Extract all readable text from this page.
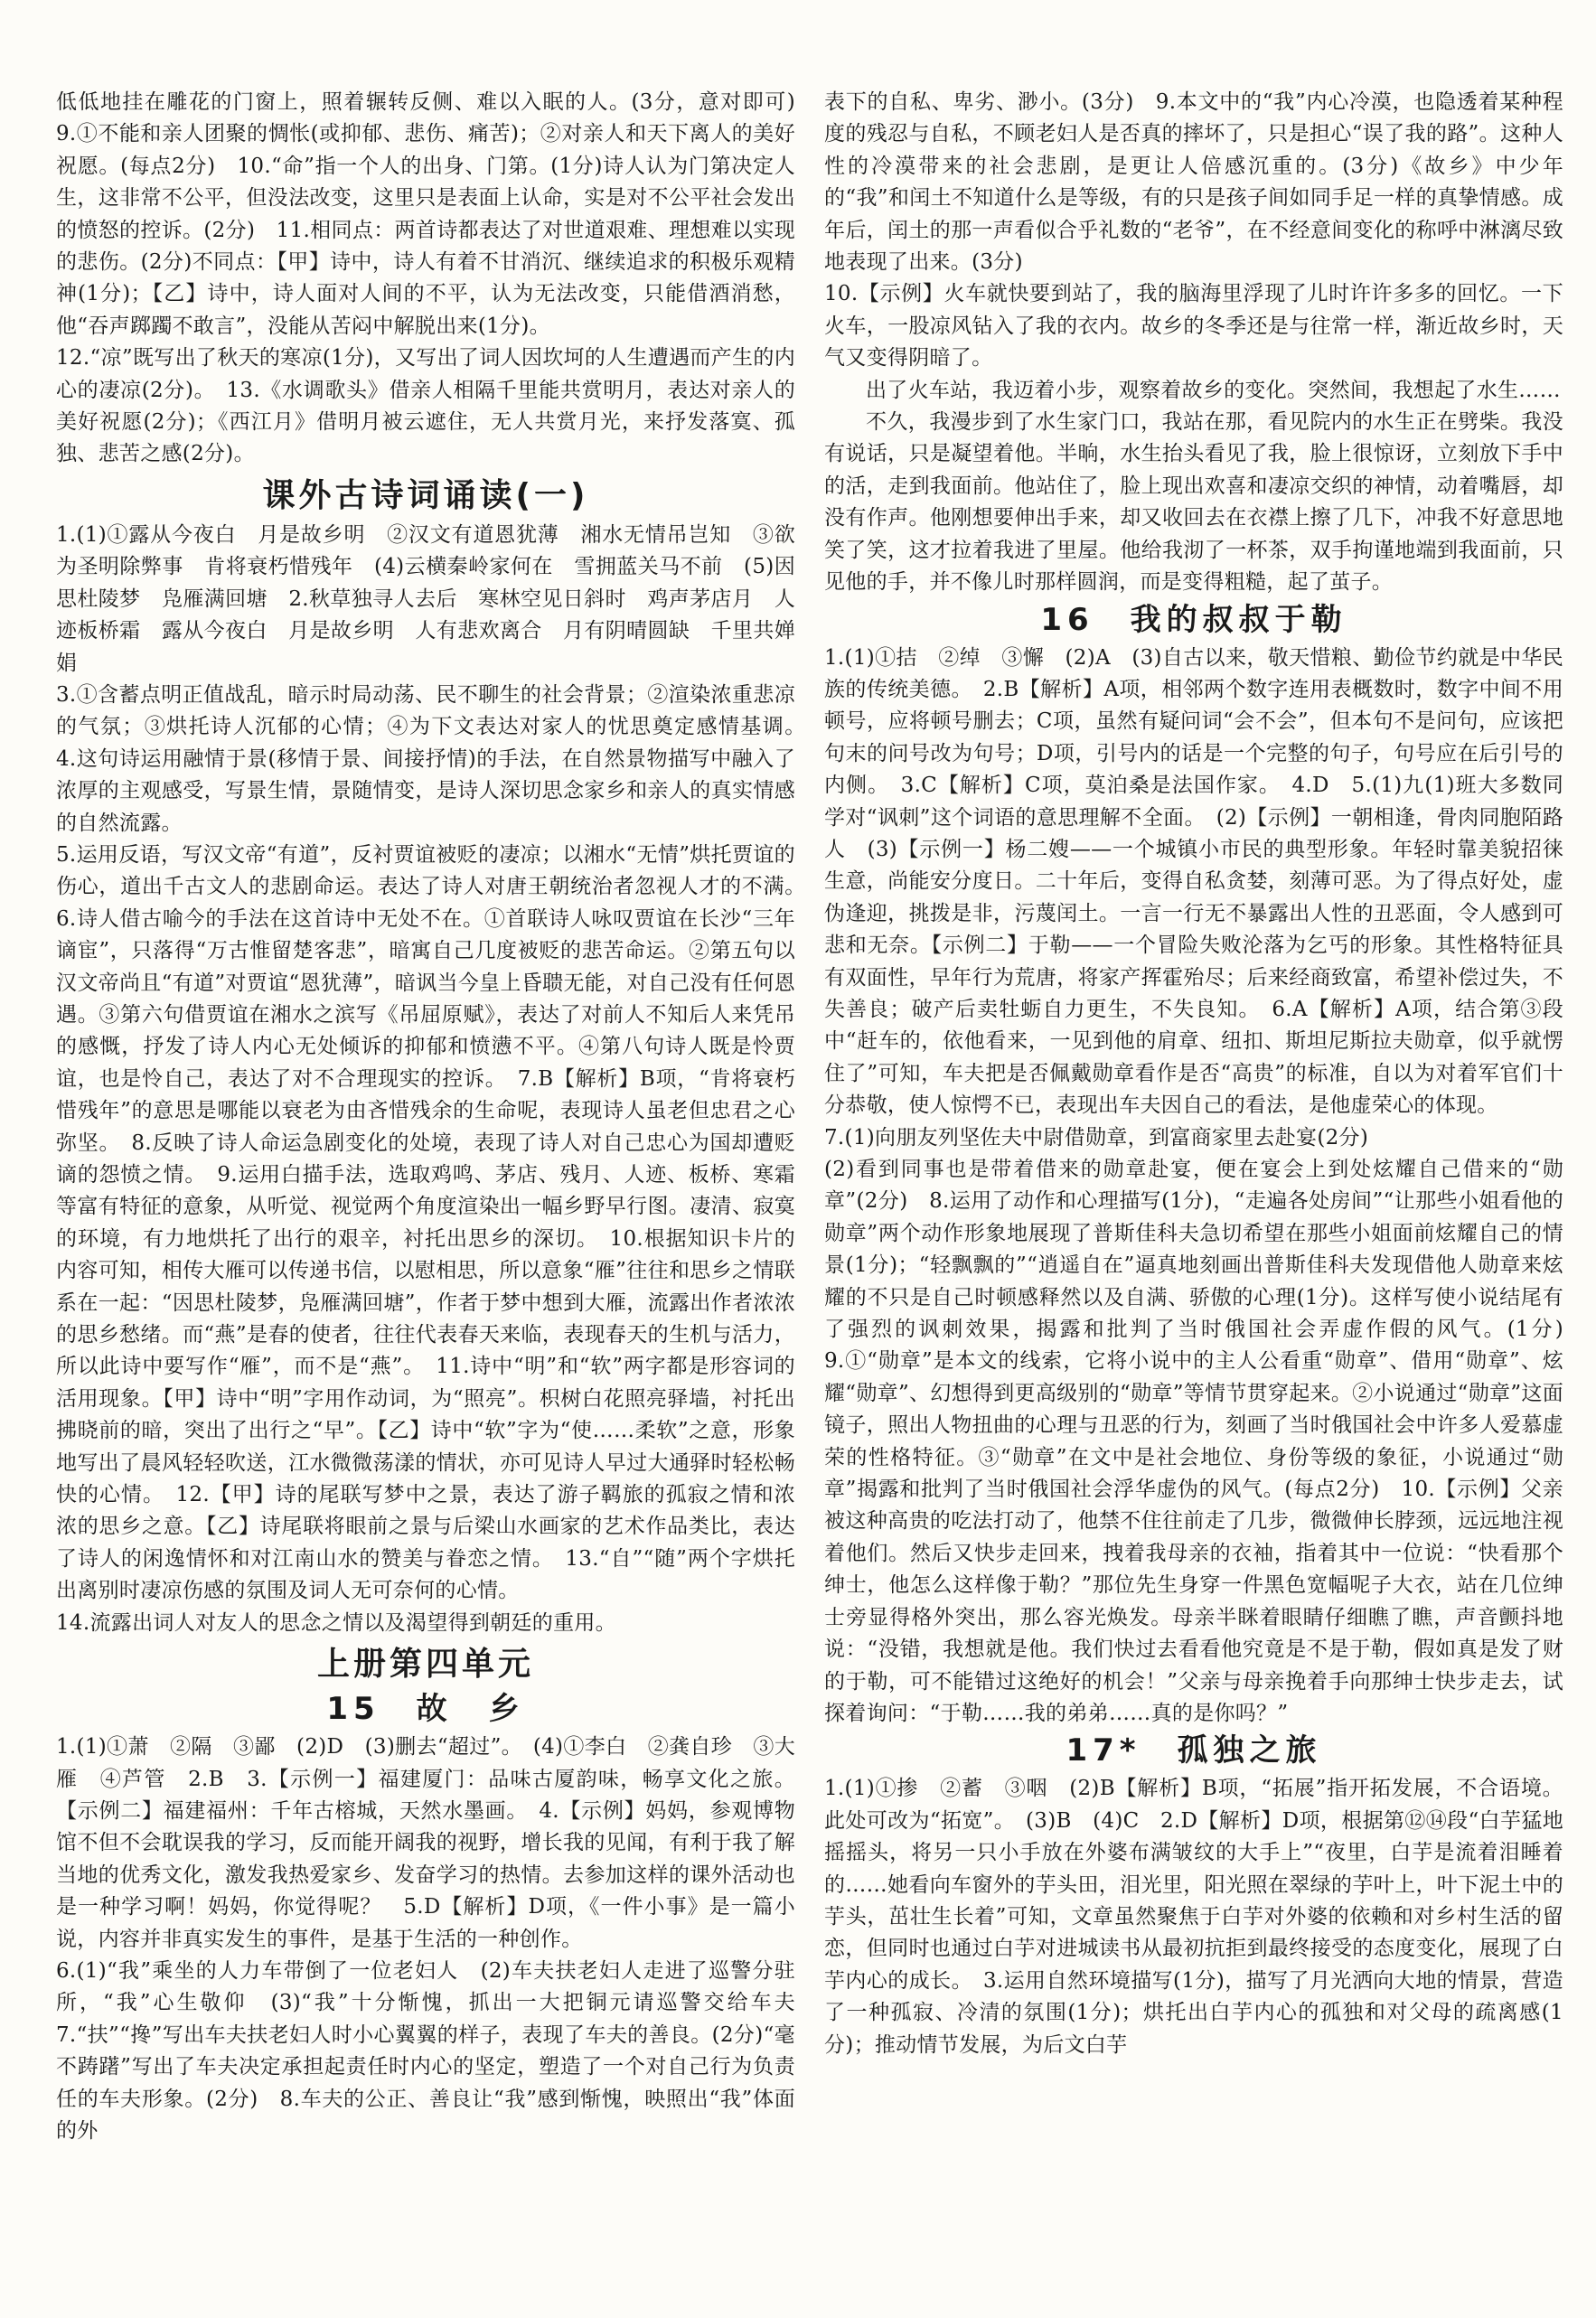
低低地挂在雕花的门窗上，照着辗转反侧、难以入眠的人。(3分，意对即可)　9.①不能和亲人团聚的惆怅(或抑郁、悲伤、痛苦)；②对亲人和天下离人的美好祝愿。(每点2分)　10.“命”指一个人的出身、门第。(1分)诗人认为门第决定人生，这非常不公平，但没法改变，这里只是表面上认命，实是对不公平社会发出的愤怒的控诉。(2分)　11.相同点：两首诗都表达了对世道艰难、理想难以实现的悲伤。(2分)不同点：【甲】诗中，诗人有着不甘消沉、继续追求的积极乐观精神(1分)；【乙】诗中，诗人面对人间的不平，认为无法改变，只能借酒消愁，他“吞声踯躅不敢言”，没能从苦闷中解脱出来(1分)。

12.“凉”既写出了秋天的寒凉(1分)，又写出了词人因坎坷的人生遭遇而产生的内心的凄凉(2分)。　13.《水调歌头》借亲人相隔千里能共赏明月，表达对亲人的美好祝愿(2分)；《西江月》借明月被云遮住，无人共赏月光，来抒发落寞、孤独、悲苦之感(2分)。

课外古诗词诵读(一)

1.(1)①露从今夜白　月是故乡明　②汉文有道恩犹薄　湘水无情吊岂知　③欲为圣明除弊事　肯将衰朽惜残年　(4)云横秦岭家何在　雪拥蓝关马不前　(5)因思杜陵梦　凫雁满回塘　2.秋草独寻人去后　寒林空见日斜时　鸡声茅店月　人迹板桥霜　露从今夜白　月是故乡明　人有悲欢离合　月有阴晴圆缺　千里共婵娟

3.①含蓄点明正值战乱，暗示时局动荡、民不聊生的社会背景；②渲染浓重悲凉的气氛；③烘托诗人沉郁的心情；④为下文表达对家人的忧思奠定感情基调。　4.这句诗运用融情于景(移情于景、间接抒情)的手法，在自然景物描写中融入了浓厚的主观感受，写景生情，景随情变，是诗人深切思念家乡和亲人的真实情感的自然流露。

5.运用反语，写汉文帝“有道”，反衬贾谊被贬的凄凉；以湘水“无情”烘托贾谊的伤心，道出千古文人的悲剧命运。表达了诗人对唐王朝统治者忽视人才的不满。　6.诗人借古喻今的手法在这首诗中无处不在。①首联诗人咏叹贾谊在长沙“三年谪宦”，只落得“万古惟留楚客悲”，暗寓自己几度被贬的悲苦命运。②第五句以汉文帝尚且“有道”对贾谊“恩犹薄”，暗讽当今皇上昏聩无能，对自己没有任何恩遇。③第六句借贾谊在湘水之滨写《吊屈原赋》，表达了对前人不知后人来凭吊的感慨，抒发了诗人内心无处倾诉的抑郁和愤懑不平。④第八句诗人既是怜贾谊，也是怜自己，表达了对不合理现实的控诉。　7.B【解析】B项，“肯将衰朽惜残年”的意思是哪能以衰老为由吝惜残余的生命呢，表现诗人虽老但忠君之心弥坚。　8.反映了诗人命运急剧变化的处境，表现了诗人对自己忠心为国却遭贬谪的怨愤之情。　9.运用白描手法，选取鸡鸣、茅店、残月、人迹、板桥、寒霜等富有特征的意象，从听觉、视觉两个角度渲染出一幅乡野早行图。凄清、寂寞的环境，有力地烘托了出行的艰辛，衬托出思乡的深切。　10.根据知识卡片的内容可知，相传大雁可以传递书信，以慰相思，所以意象“雁”往往和思乡之情联系在一起：“因思杜陵梦，凫雁满回塘”，作者于梦中想到大雁，流露出作者浓浓的思乡愁绪。而“燕”是春的使者，往往代表春天来临，表现春天的生机与活力，所以此诗中要写作“雁”，而不是“燕”。　11.诗中“明”和“软”两字都是形容词的活用现象。【甲】诗中“明”字用作动词，为“照亮”。枳树白花照亮驿墙，衬托出拂晓前的暗，突出了出行之“早”。【乙】诗中“软”字为“使……柔软”之意，形象地写出了晨风轻轻吹送，江水微微荡漾的情状，亦可见诗人早过大通驿时轻松畅快的心情。　12.【甲】诗的尾联写梦中之景，表达了游子羁旅的孤寂之情和浓浓的思乡之意。【乙】诗尾联将眼前之景与后梁山水画家的艺术作品类比，表达了诗人的闲逸情怀和对江南山水的赞美与眷恋之情。　13.“自”“随”两个字烘托出离别时凄凉伤感的氛围及词人无可奈何的心情。

14.流露出词人对友人的思念之情以及渴望得到朝廷的重用。

上册第四单元
15　故　乡

1.(1)①萧　②隔　③鄙　(2)D　(3)删去“超过”。　(4)①李白　②龚自珍　③大雁　④芦管　2.B　3.【示例一】福建厦门：品味古厦韵味，畅享文化之旅。【示例二】福建福州：千年古榕城，天然水墨画。　4.【示例】妈妈，参观博物馆不但不会耽误我的学习，反而能开阔我的视野，增长我的见闻，有利于我了解当地的优秀文化，激发我热爱家乡、发奋学习的热情。去参加这样的课外活动也是一种学习啊！妈妈，你觉得呢？　5.D【解析】D项，《一件小事》是一篇小说，内容并非真实发生的事件，是基于生活的一种创作。

6.(1)“我”乘坐的人力车带倒了一位老妇人　(2)车夫扶老妇人走进了巡警分驻所，“我”心生敬仰　(3)“我”十分惭愧，抓出一大把铜元请巡警交给车夫　7.“扶”“搀”写出车夫扶老妇人时小心翼翼的样子，表现了车夫的善良。(2分)“毫不踌躇”写出了车夫决定承担起责任时内心的坚定，塑造了一个对自己行为负责任的车夫形象。(2分)　8.车夫的公正、善良让“我”感到惭愧，映照出“我”体面的外

表下的自私、卑劣、渺小。(3分)　9.本文中的“我”内心冷漠，也隐透着某种程度的残忍与自私，不顾老妇人是否真的摔坏了，只是担心“误了我的路”。这种人性的冷漠带来的社会悲剧，是更让人倍感沉重的。(3分)《故乡》中少年的“我”和闰土不知道什么是等级，有的只是孩子间如同手足一样的真挚情感。成年后，闰土的那一声看似合乎礼数的“老爷”，在不经意间变化的称呼中淋漓尽致地表现了出来。(3分)

10.【示例】火车就快要到站了，我的脑海里浮现了儿时许许多多的回忆。一下火车，一股凉风钻入了我的衣内。故乡的冬季还是与往常一样，渐近故乡时，天气又变得阴暗了。

出了火车站，我迈着小步，观察着故乡的变化。突然间，我想起了水生……

不久，我漫步到了水生家门口，我站在那，看见院内的水生正在劈柴。我没有说话，只是凝望着他。半晌，水生抬头看见了我，脸上很惊讶，立刻放下手中的活，走到我面前。他站住了，脸上现出欢喜和凄凉交织的神情，动着嘴唇，却没有作声。他刚想要伸出手来，却又收回去在衣襟上擦了几下，冲我不好意思地笑了笑，这才拉着我进了里屋。他给我沏了一杯茶，双手拘谨地端到我面前，只见他的手，并不像儿时那样圆润，而是变得粗糙，起了茧子。

16　我的叔叔于勒

1.(1)①拮　②绰　③懈　(2)A　(3)自古以来，敬天惜粮、勤俭节约就是中华民族的传统美德。　2.B【解析】A项，相邻两个数字连用表概数时，数字中间不用顿号，应将顿号删去；C项，虽然有疑问词“会不会”，但本句不是问句，应该把句末的问号改为句号；D项，引号内的话是一个完整的句子，句号应在后引号的内侧。　3.C【解析】C项，莫泊桑是法国作家。　4.D　5.(1)九(1)班大多数同学对“讽刺”这个词语的意思理解不全面。　(2)【示例】一朝相逢，骨肉同胞陌路人　(3)【示例一】杨二嫂——一个城镇小市民的典型形象。年轻时靠美貌招徕生意，尚能安分度日。二十年后，变得自私贪婪，刻薄可恶。为了得点好处，虚伪逢迎，挑拨是非，污蔑闰土。一言一行无不暴露出人性的丑恶面，令人感到可悲和无奈。【示例二】于勒——一个冒险失败沦落为乞丐的形象。其性格特征具有双面性，早年行为荒唐，将家产挥霍殆尽；后来经商致富，希望补偿过失，不失善良；破产后卖牡蛎自力更生，不失良知。　6.A【解析】A项，结合第③段中“赶车的，依他看来，一见到他的肩章、纽扣、斯坦尼斯拉夫勋章，似乎就愣住了”可知，车夫把是否佩戴勋章看作是否“高贵”的标准，自以为对着军官们十分恭敬，使人惊愕不已，表现出车夫因自己的看法，是他虚荣心的体现。

7.(1)向朋友列坚佐夫中尉借勋章，到富商家里去赴宴(2分)

(2)看到同事也是带着借来的勋章赴宴，便在宴会上到处炫耀自己借来的“勋章”(2分)　8.运用了动作和心理描写(1分)，“走遍各处房间”“让那些小姐看他的勋章”两个动作形象地展现了普斯佳科夫急切希望在那些小姐面前炫耀自己的情景(1分)；“轻飘飘的”“逍遥自在”逼真地刻画出普斯佳科夫发现借他人勋章来炫耀的不只是自己时顿感释然以及自满、骄傲的心理(1分)。这样写使小说结尾有了强烈的讽刺效果，揭露和批判了当时俄国社会弄虚作假的风气。(1分)　9.①“勋章”是本文的线索，它将小说中的主人公看重“勋章”、借用“勋章”、炫耀“勋章”、幻想得到更高级别的“勋章”等情节贯穿起来。②小说通过“勋章”这面镜子，照出人物扭曲的心理与丑恶的行为，刻画了当时俄国社会中许多人爱慕虚荣的性格特征。③“勋章”在文中是社会地位、身份等级的象征，小说通过“勋章”揭露和批判了当时俄国社会浮华虚伪的风气。(每点2分)　10.【示例】父亲被这种高贵的吃法打动了，他禁不住往前走了几步，微微伸长脖颈，远远地注视着他们。然后又快步走回来，拽着我母亲的衣袖，指着其中一位说：“快看那个绅士，他怎么这样像于勒？”那位先生身穿一件黑色宽幅呢子大衣，站在几位绅士旁显得格外突出，那么容光焕发。母亲半眯着眼睛仔细瞧了瞧，声音颤抖地说：“没错，我想就是他。我们快过去看看他究竟是不是于勒，假如真是发了财的于勒，可不能错过这绝好的机会！”父亲与母亲挽着手向那绅士快步走去，试探着询问：“于勒……我的弟弟……真的是你吗？”

17*　孤独之旅

1.(1)①掺　②蓄　③咽　(2)B【解析】B项，“拓展”指开拓发展，不合语境。此处可改为“拓宽”。　(3)B　(4)C　2.D【解析】D项，根据第⑫⑭段“白芋猛地摇摇头，将另一只小手放在外婆布满皱纹的大手上”“夜里，白芋是流着泪睡着的……她看向车窗外的芋头田，泪光里，阳光照在翠绿的芋叶上，叶下泥土中的芋头，茁壮生长着”可知，文章虽然聚焦于白芋对外婆的依赖和对乡村生活的留恋，但同时也通过白芋对进城读书从最初抗拒到最终接受的态度变化，展现了白芋内心的成长。　3.运用自然环境描写(1分)，描写了月光洒向大地的情景，营造了一种孤寂、冷清的氛围(1分)；烘托出白芋内心的孤独和对父母的疏离感(1分)；推动情节发展，为后文白芋
